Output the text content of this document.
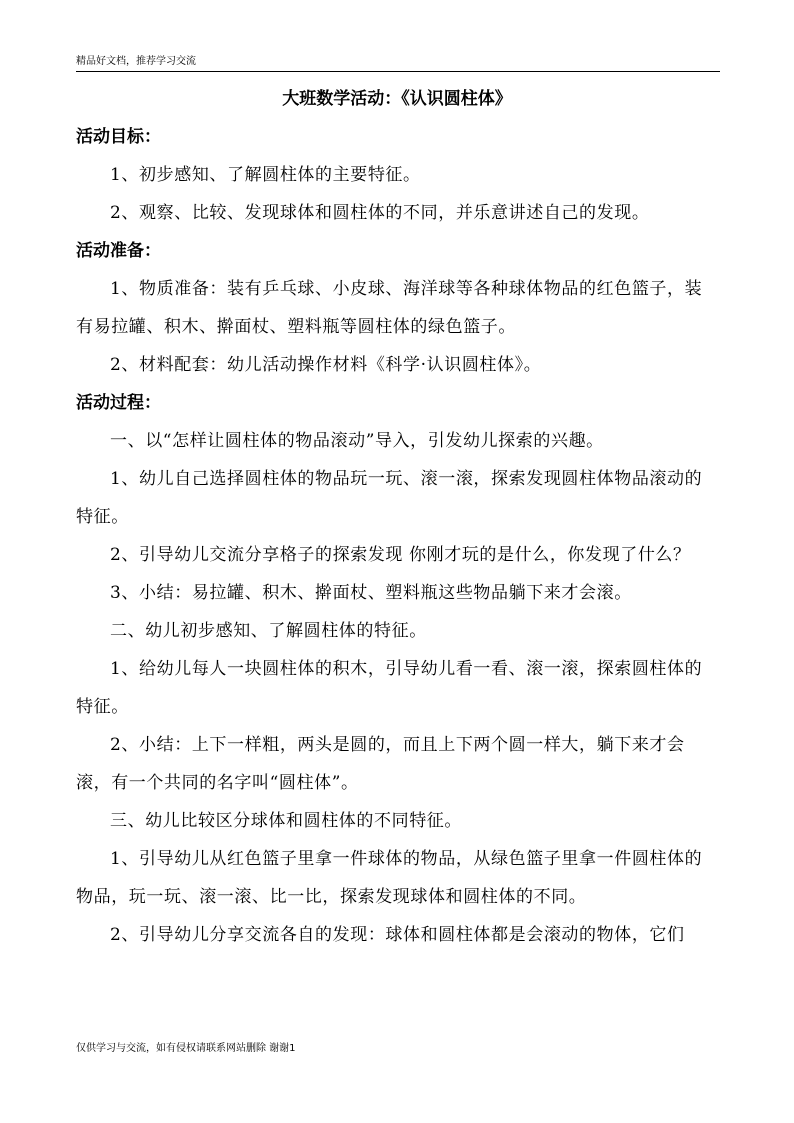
精品好文档，推荐学习交流
大班数学活动：《认识圆柱体》
活动目标：

1、初步感知、了解圆柱体的主要特征。

2、观察、比较、发现球体和圆柱体的不同，并乐意讲述自己的发现。

活动准备：

1、物质准备：装有乒乓球、小皮球、海洋球等各种球体物品的红色篮子，装有易拉罐、积木、擀面杖、塑料瓶等圆柱体的绿色篮子。

2、材料配套：幼儿活动操作材料《科学·认识圆柱体》。

活动过程：

一、以“怎样让圆柱体的物品滚动”导入，引发幼儿探索的兴趣。

1、幼儿自己选择圆柱体的物品玩一玩、滚一滚，探索发现圆柱体物品滚动的特征。

2、引导幼儿交流分享格子的探索发现 你刚才玩的是什么，你发现了什么？

3、小结：易拉罐、积木、擀面杖、塑料瓶这些物品躺下来才会滚。

二、幼儿初步感知、了解圆柱体的特征。

1、给幼儿每人一块圆柱体的积木，引导幼儿看一看、滚一滚，探索圆柱体的特征。

2、小结：上下一样粗，两头是圆的，而且上下两个圆一样大，躺下来才会滚，有一个共同的名字叫“圆柱体”。

三、幼儿比较区分球体和圆柱体的不同特征。

1、引导幼儿从红色篮子里拿一件球体的物品，从绿色篮子里拿一件圆柱体的物品，玩一玩、滚一滚、比一比，探索发现球体和圆柱体的不同。

2、引导幼儿分享交流各自的发现：球体和圆柱体都是会滚动的物体，它们

仅供学习与交流，如有侵权请联系网站删除 谢谢1
